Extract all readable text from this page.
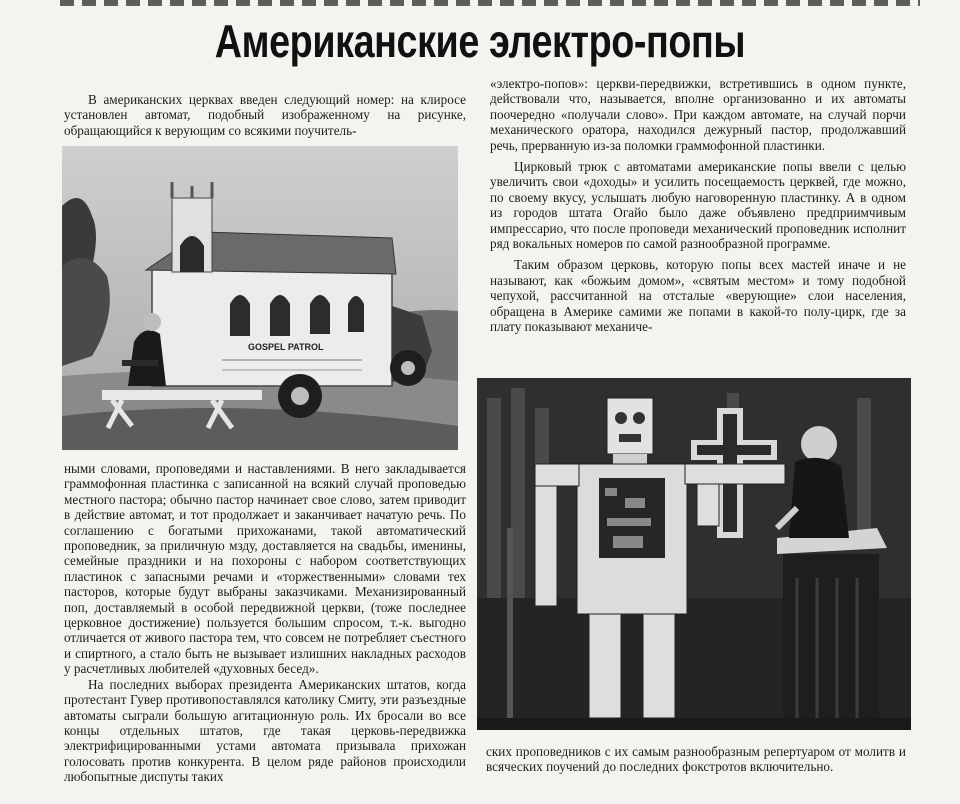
Американские электро-попы

В американских церквах введен следующий номер: на клиросе установлен автомат, подобный изображенному на рисунке, обращающийся к верующим со всякими поучитель-

GOSPEL PATROL

ными словами, проповедями и наставлениями. В него закладывается граммофонная пластинка с записанной на всякий случай проповедью местного пастора; обычно пастор начинает свое слово, затем приводит в действие автомат, и тот продолжает и заканчивает начатую речь. По соглашению с богатыми прихожанами, такой автоматический проповедник, за приличную мзду, доставляется на свадьбы, именины, семейные праздники и на похороны с набором соответствующих пластинок с запасными речами и «торжественными» словами тех пасторов, которые будут выбраны заказчиками. Механизированный поп, доставляемый в особой передвижной церкви, (тоже последнее церковное достижение) пользуется большим спросом, т.-к. выгодно отличается от живого пастора тем, что совсем не потребляет съестного и спиртного, а стало быть не вызывает излишних накладных расходов у расчетливых любителей «духовных бесед».

На последних выборах президента Американских штатов, когда протестант Гувер противопоставлялся католику Смиту, эти разъездные автоматы сыграли большую агитационную роль. Их бросали во все концы отдельных штатов, где такая церковь-передвижка электрифицированными устами автомата призывала прихожан голосовать против конкурента. В целом ряде районов происходили любопытные диспуты таких

«электро-попов»: церкви-передвижки, встретившись в одном пункте, действовали что, называется, вполне организованно и их автоматы поочередно «получали слово». При каждом автомате, на случай порчи механического оратора, находился дежурный пастор, продолжавший речь, прерванную из-за поломки граммофонной пластинки.

Цирковый трюк с автоматами американские попы ввели с целью увеличить свои «доходы» и усилить посещаемость церквей, где можно, по своему вкусу, услышать любую наговоренную пластинку. А в одном из городов штата Огайо было даже объявлено предприимчивым импрессарио, что после проповеди механический проповедник исполнит ряд вокальных номеров по самой разнообразной программе.

Таким образом церковь, которую попы всех мастей иначе и не называют, как «божьим домом», «святым местом» и тому подобной чепухой, рассчитанной на отсталые «верующие» слои населения, обращена в Америке самими же попами в какой-то полу-цирк, где за плату показывают механиче-

ских проповедников с их самым разнообразным репертуаром от молитв и всяческих поучений до последних фокстротов включительно.
